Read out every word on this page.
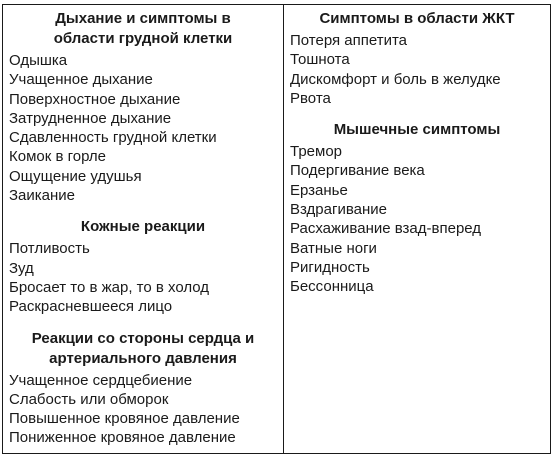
Дыхание и симптомы в области грудной клетки
Одышка
Учащенное дыхание
Поверхностное дыхание
Затрудненное дыхание
Сдавленность грудной клетки
Комок в горле
Ощущение удушья
Заикание
Кожные реакции
Потливость
Зуд
Бросает то в жар, то в холод
Раскрасневшееся лицо
Реакции со стороны сердца и артериального давления
Учащенное сердцебиение
Слабость или обморок
Повышенное кровяное давление
Пониженное кровяное давление
Симптомы в области ЖКТ
Потеря аппетита
Тошнота
Дискомфорт и боль в желудке
Рвота
Мышечные симптомы
Тремор
Подергивание века
Ерзанье
Вздрагивание
Расхаживание взад-вперед
Ватные ноги
Ригидность
Бессонница
